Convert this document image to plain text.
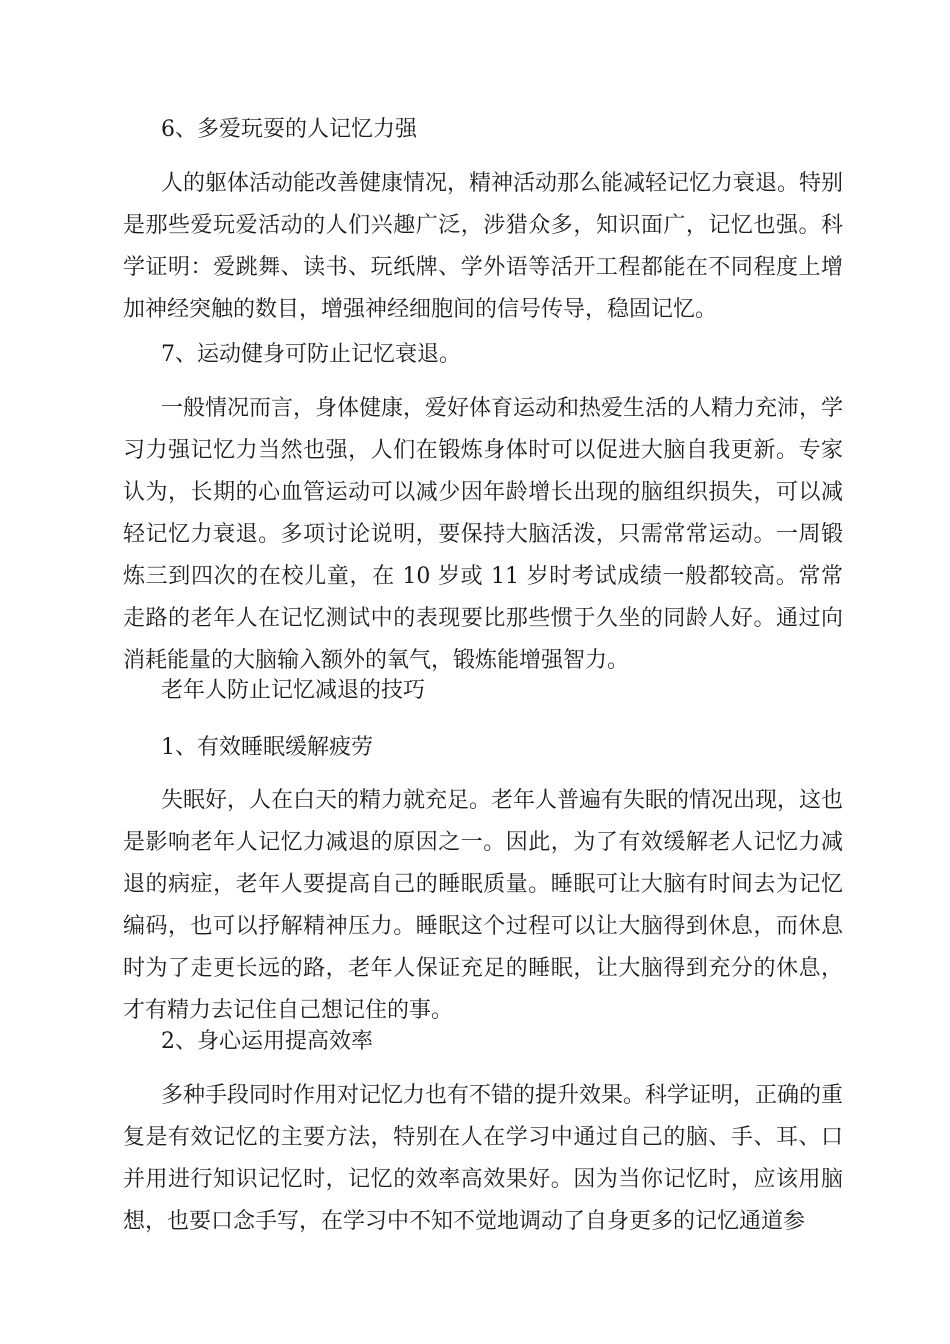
6、多爱玩耍的人记忆力强

人的躯体活动能改善健康情况，精神活动那么能减轻记忆力衰退。特别是那些爱玩爱活动的人们兴趣广泛，涉猎众多，知识面广，记忆也强。科学证明：爱跳舞、读书、玩纸牌、学外语等活开工程都能在不同程度上增加神经突触的数目，增强神经细胞间的信号传导，稳固记忆。

7、运动健身可防止记忆衰退。

一般情况而言，身体健康，爱好体育运动和热爱生活的人精力充沛，学习力强记忆力当然也强，人们在锻炼身体时可以促进大脑自我更新。专家认为，长期的心血管运动可以减少因年龄增长出现的脑组织损失，可以减轻记忆力衰退。多项讨论说明，要保持大脑活泼，只需常常运动。一周锻炼三到四次的在校儿童，在 10 岁或 11 岁时考试成绩一般都较高。常常走路的老年人在记忆测试中的表现要比那些惯于久坐的同龄人好。通过向消耗能量的大脑输入额外的氧气，锻炼能增强智力。

老年人防止记忆减退的技巧
1、有效睡眠缓解疲劳

失眠好，人在白天的精力就充足。老年人普遍有失眠的情况出现，这也是影响老年人记忆力减退的原因之一。因此，为了有效缓解老人记忆力减退的病症，老年人要提高自己的睡眠质量。睡眠可让大脑有时间去为记忆编码，也可以抒解精神压力。睡眠这个过程可以让大脑得到休息，而休息时为了走更长远的路，老年人保证充足的睡眠，让大脑得到充分的休息，才有精力去记住自己想记住的事。

2、身心运用提高效率

多种手段同时作用对记忆力也有不错的提升效果。科学证明，正确的重复是有效记忆的主要方法，特别在人在学习中通过自己的脑、手、耳、口并用进行知识记忆时，记忆的效率高效果好。因为当你记忆时，应该用脑想，也要口念手写，在学习中不知不觉地调动了自身更多的记忆通道参
